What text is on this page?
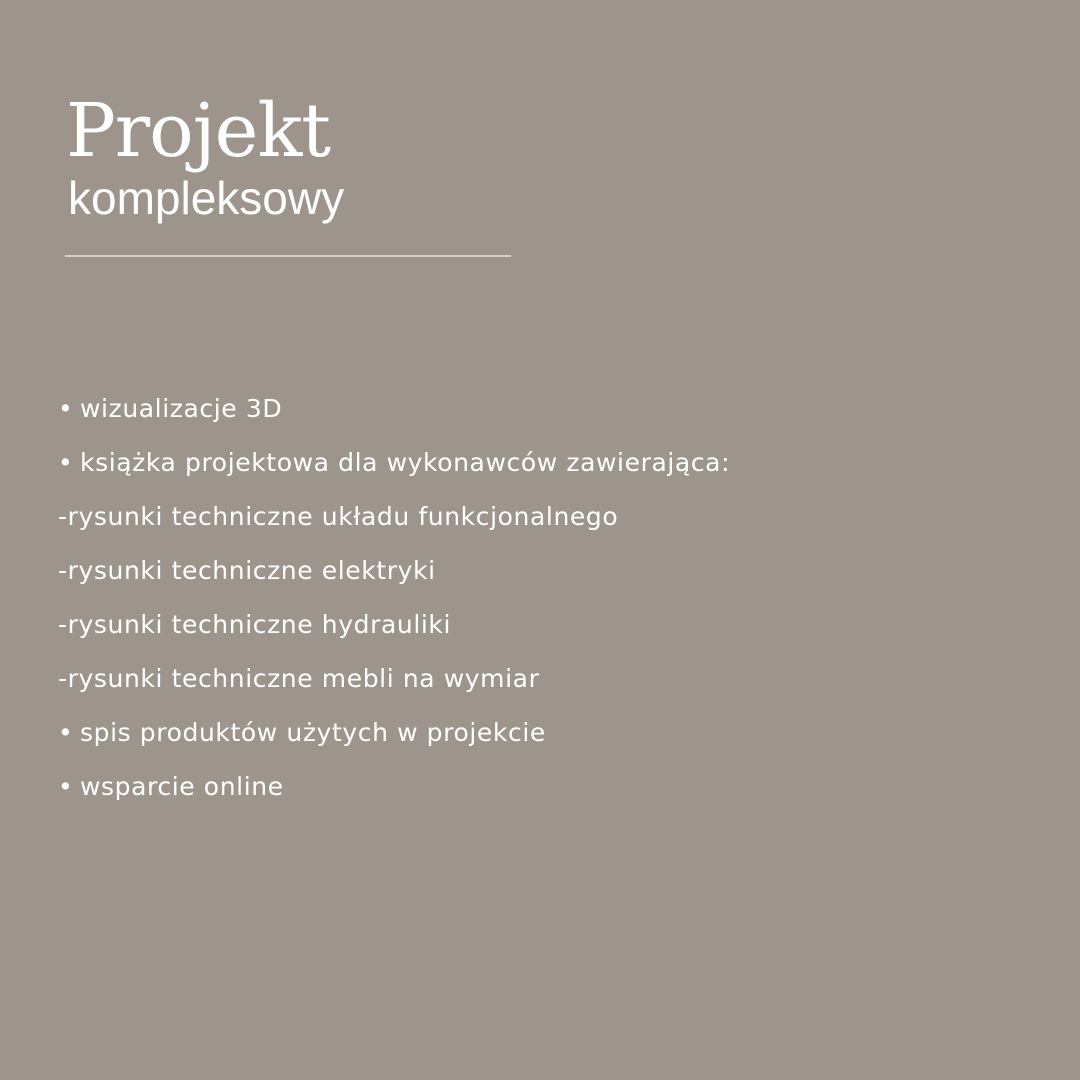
Projekt
kompleksowy
• wizualizacje 3D
• książka projektowa dla wykonawców zawierająca:
-rysunki techniczne układu funkcjonalnego
-rysunki techniczne elektryki
-rysunki techniczne hydrauliki
-rysunki techniczne mebli na wymiar
• spis produktów użytych w projekcie
• wsparcie online
